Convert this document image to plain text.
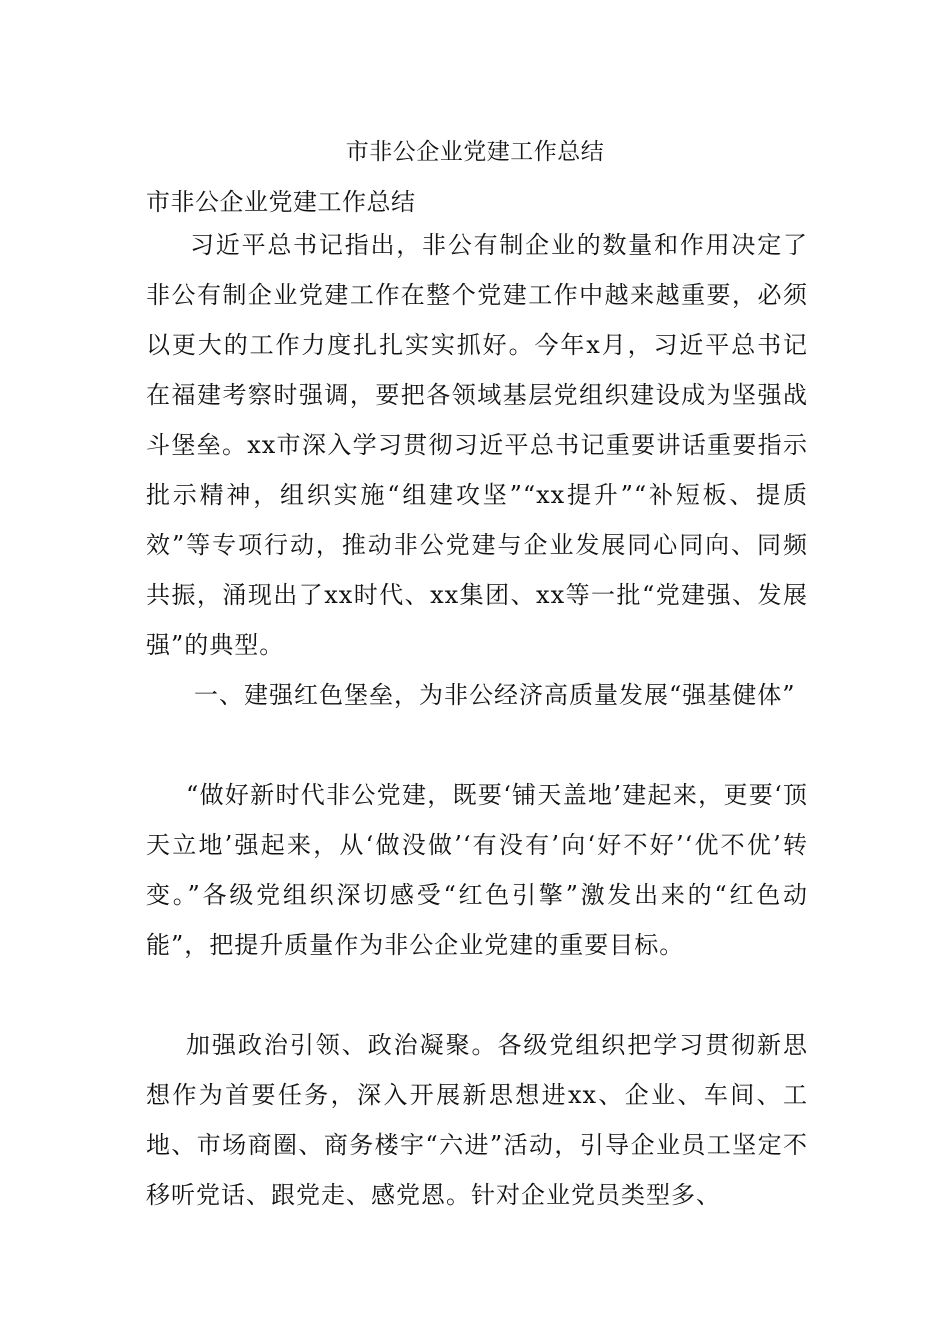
市非公企业党建工作总结
市非公企业党建工作总结

习近平总书记指出，非公有制企业的数量和作用决定了非公有制企业党建工作在整个党建工作中越来越重要，必须以更大的工作力度扎扎实实抓好。今年x月，习近平总书记在福建考察时强调，要把各领域基层党组织建设成为坚强战斗堡垒。xx市深入学习贯彻习近平总书记重要讲话重要指示批示精神，组织实施“组建攻坚”“xx提升”“补短板、提质效”等专项行动，推动非公党建与企业发展同心同向、同频共振，涌现出了xx时代、xx集团、xx等一批“党建强、发展强”的典型。

一、建强红色堡垒，为非公经济高质量发展“强基健体”

“做好新时代非公党建，既要‘铺天盖地’建起来，更要‘顶天立地’强起来，从‘做没做’‘有没有’向‘好不好’‘优不优’转变。”各级党组织深切感受“红色引擎”激发出来的“红色动能”，把提升质量作为非公企业党建的重要目标。

加强政治引领、政治凝聚。各级党组织把学习贯彻新思想作为首要任务，深入开展新思想进xx、企业、车间、工地、市场商圈、商务楼宇“六进”活动，引导企业员工坚定不移听党话、跟党走、感党恩。针对企业党员类型多、
